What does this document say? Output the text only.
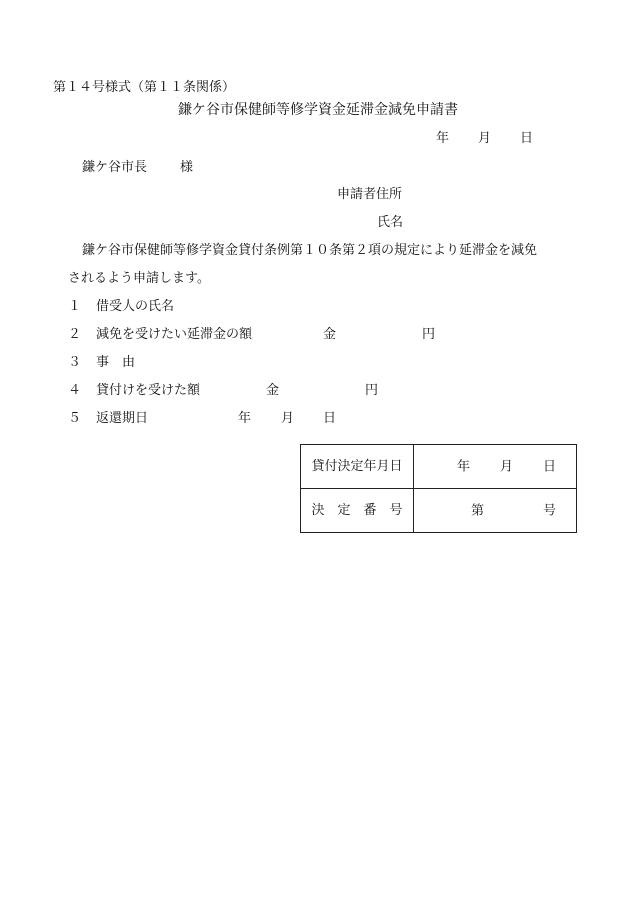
第１４号様式（第１１条関係）
鎌ケ谷市保健師等修学資金延滞金減免申請書
年 月 日
鎌ケ谷市長	様
申請者住所
氏名
鎌ケ谷市保健師等修学資金貸付条例第１０条第２項の規定により延滞金を減免
されるよう申請します。
１ 借受人の氏名
２ 減免を受けたい延滞金の額	金	円
３ 事　由
４ 貸付けを受けた額	金	円
５ 返還期日	年 月 日
貸付決定年月日	年 月 日

決　定　番　号	第 号
